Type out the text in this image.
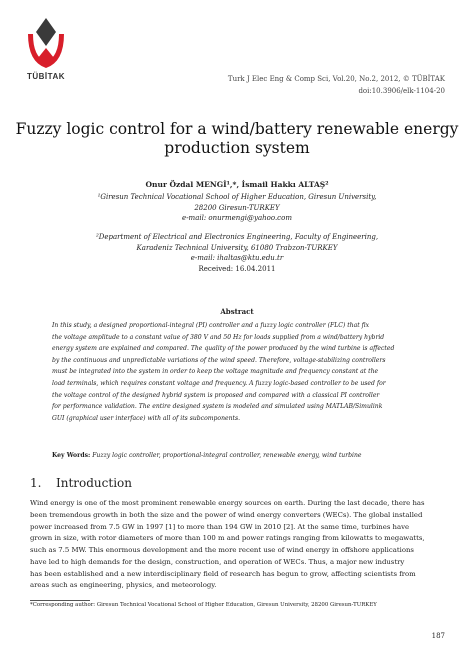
TÜBİTAK	Turk J Elec Eng & Comp Sci, Vol.20, No.2, 2012, © TÜBİTAK
doi:10.3906/elk-1104-20
Fuzzy logic control for a wind/battery renewable energy
production system
Onur Özdal MENGİ¹,*, İsmail Hakkı ALTAŞ²
¹Giresun Technical Vocational School of Higher Education, Giresun University,
28200 Giresun-TURKEY
e-mail: onurmengi@yahoo.com
²Department of Electrical and Electronics Engineering, Faculty of Engineering,
Karadeniz Technical University, 61080 Trabzon-TURKEY
e-mail: ihaltas@ktu.edu.tr
Received: 16.04.2011
Abstract
In this study, a designed proportional-integral (PI) controller and a fuzzy logic controller (FLC) that fix
the voltage amplitude to a constant value of 380 V and 50 Hz for loads supplied from a wind/battery hybrid
energy system are explained and compared. The quality of the power produced by the wind turbine is affected
by the continuous and unpredictable variations of the wind speed. Therefore, voltage-stabilizing controllers
must be integrated into the system in order to keep the voltage magnitude and frequency constant at the
load terminals, which requires constant voltage and frequency. A fuzzy logic-based controller to be used for
the voltage control of the designed hybrid system is proposed and compared with a classical PI controller
for performance validation. The entire designed system is modeled and simulated using MATLAB/Simulink
GUI (graphical user interface) with all of its subcomponents.
Key Words: Fuzzy logic controller, proportional-integral controller, renewable energy, wind turbine
1. Introduction
Wind energy is one of the most prominent renewable energy sources on earth. During the last decade, there has
been tremendous growth in both the size and the power of wind energy converters (WECs). The global installed
power increased from 7.5 GW in 1997 [1] to more than 194 GW in 2010 [2]. At the same time, turbines have
grown in size, with rotor diameters of more than 100 m and power ratings ranging from kilowatts to megawatts,
such as 7.5 MW. This enormous development and the more recent use of wind energy in offshore applications
have led to high demands for the design, construction, and operation of WECs. Thus, a major new industry
has been established and a new interdisciplinary field of research has begun to grow, affecting scientists from
areas such as engineering, physics, and meteorology.
*Corresponding author: Giresun Technical Vocational School of Higher Education, Giresun University, 28200 Giresun-TURKEY
187
